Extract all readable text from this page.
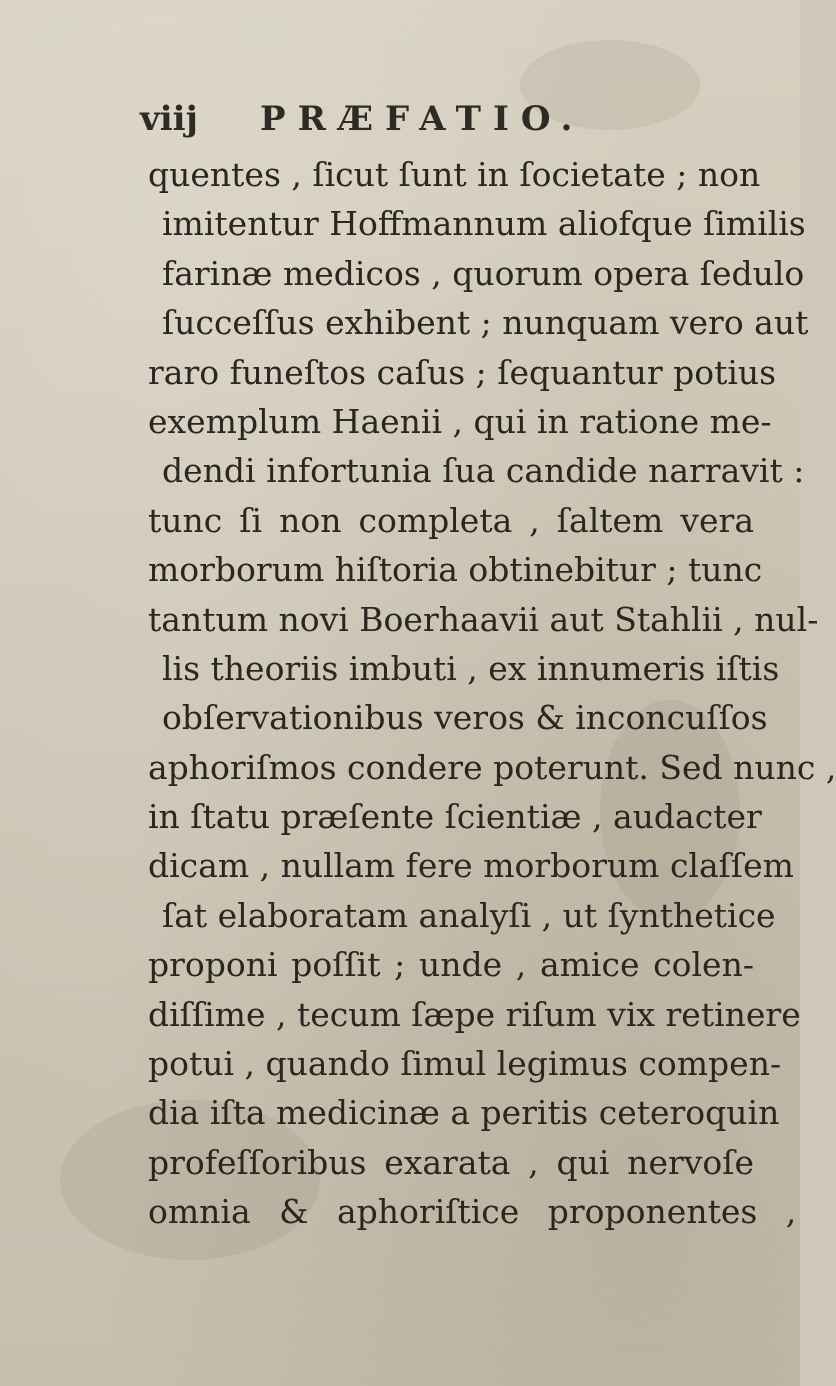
viij PRÆFATIO.
quentes , ſicut ſunt in ſocietate ; non
imitentur Hoffmannum aliofque ſimilis
farinæ medicos , quorum opera ſedulo
ſucceſſus exhibent ; nunquam vero aut
raro funeſtos caſus ; ſequantur potius
exemplum Haenii , qui in ratione me-
dendi infortunia ſua candide narravit :
tunc ſi non completa , ſaltem vera
morborum hiſtoria obtinebitur ; tunc
tantum novi Boerhaavii aut Stahlii , nul-
lis theoriis imbuti , ex innumeris iſtis
obſervationibus veros & inconcuſſos
aphoriſmos condere poterunt. Sed nunc ,
in ſtatu præſente ſcientiæ , audacter
dicam , nullam fere morborum claſſem
ſat elaboratam analyſi , ut ſynthetice
proponi poſſit ; unde , amice colen-
diſſime , tecum ſæpe riſum vix retinere
potui , quando ſimul legimus compen-
dia iſta medicinæ a peritis ceteroquin
profeſſoribus exarata , qui nervoſe
omnia & aphoriſtice proponentes ,
